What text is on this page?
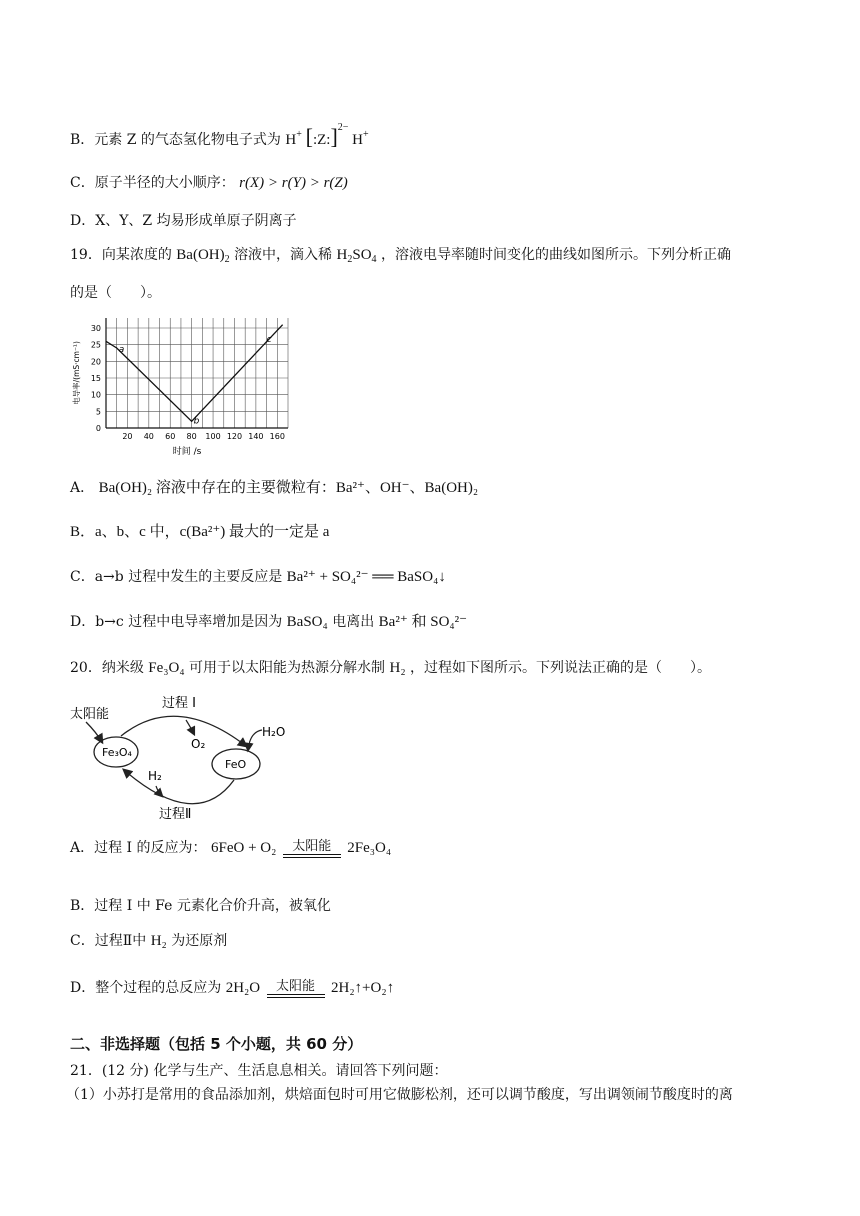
B．元素 Z 的气态氢化物电子式为 H+ [:Z:]$^{2-}$ H+
C．原子半径的大小顺序： r(X) > r(Y) > r(Z)
D．X、Y、Z 均易形成单原子阴离子
19．向某浓度的 $Ba(OH)_2$ 溶液中，滴入稀 $H_2SO_4$ ，溶液电导率随时间变化的曲线如图所示。下列分析正确
的是（　　）。
20 40 60 80 100 120 140 160
0
5
10
15
20
25
30
时间 /s
电导率/(mS·cm⁻¹)	a
b
c
A． Ba(OH)₂ 溶液中存在的主要微粒有：Ba²⁺、OH⁻、Ba(OH)₂
B．a、b、c 中，c(Ba²⁺) 最大的一定是 a
C．a→b 过程中发生的主要反应是 Ba²⁺ + SO₄²⁻ ══ BaSO₄↓
D．b→c 过程中电导率增加是因为 BaSO₄ 电离出 Ba²⁺ 和 SO₄²⁻
20．纳米级 Fe₃O₄ 可用于以太阳能为热源分解水制 H₂ ，过程如下图所示。下列说法正确的是（　　）。
太阳能
过程 I
O₂
H₂O
Fe₃O₄
FeO
H₂
过程Ⅱ
A．过程 I 的反应为： 6FeO + O₂	太阳能	2Fe₃O₄
B．过程 I 中 Fe 元素化合价升高，被氧化
C．过程Ⅱ中 H₂ 为还原剂
D．整个过程的总反应为 2H₂O	太阳能	2H₂↑+O₂↑
二、非选择题（包括 5 个小题，共 60 分）
21．(12 分) 化学与生产、生活息息相关。请回答下列问题：
（1）小苏打是常用的食品添加剂，烘焙面包时可用它做膨松剂，还可以调节酸度，写出调领闹节酸度时的离
